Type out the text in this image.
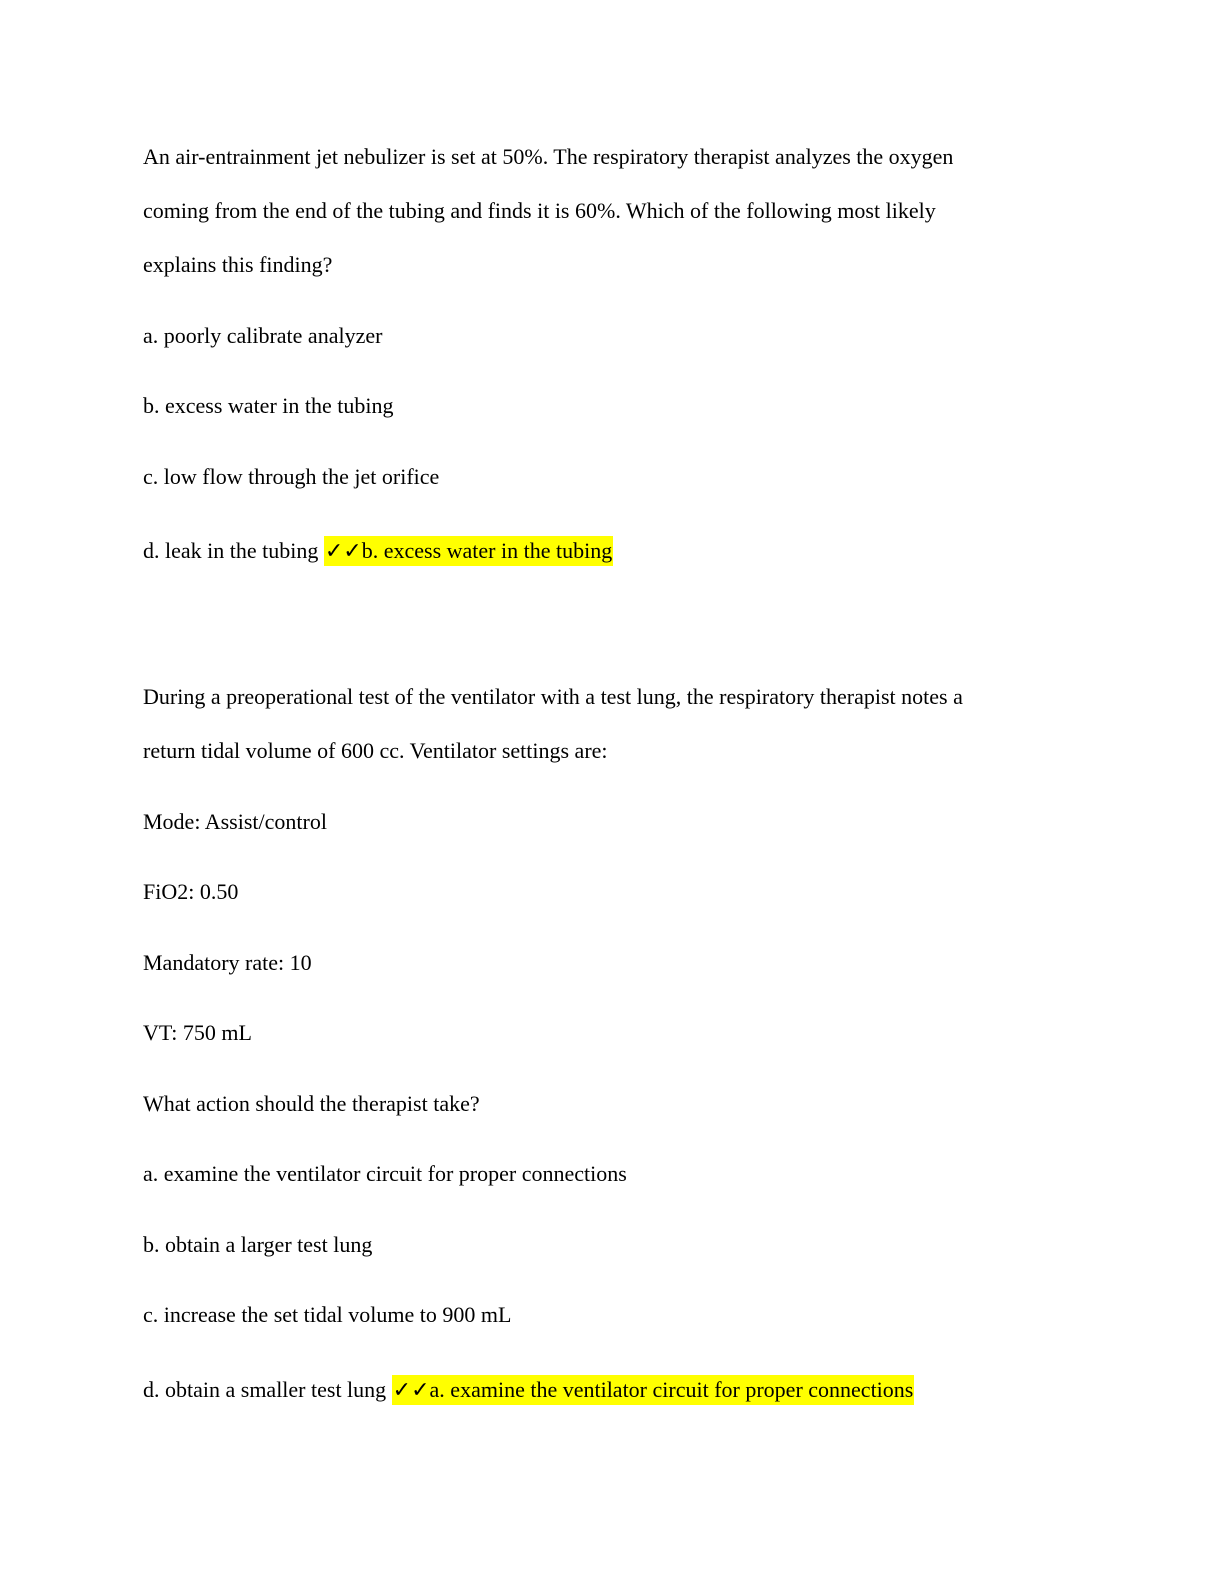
An air-entrainment jet nebulizer is set at 50%. The respiratory therapist analyzes the oxygen

coming from the end of the tubing and finds it is 60%. Which of the following most likely

explains this finding?

a. poorly calibrate analyzer

b. excess water in the tubing

c. low flow through the jet orifice

d. leak in the tubing ✓✓b. excess water in the tubing

During a preoperational test of the ventilator with a test lung, the respiratory therapist notes a

return tidal volume of 600 cc. Ventilator settings are:

Mode: Assist/control

FiO2: 0.50

Mandatory rate: 10

VT: 750 mL

What action should the therapist take?

a. examine the ventilator circuit for proper connections

b. obtain a larger test lung

c. increase the set tidal volume to 900 mL

d. obtain a smaller test lung ✓✓a. examine the ventilator circuit for proper connections
